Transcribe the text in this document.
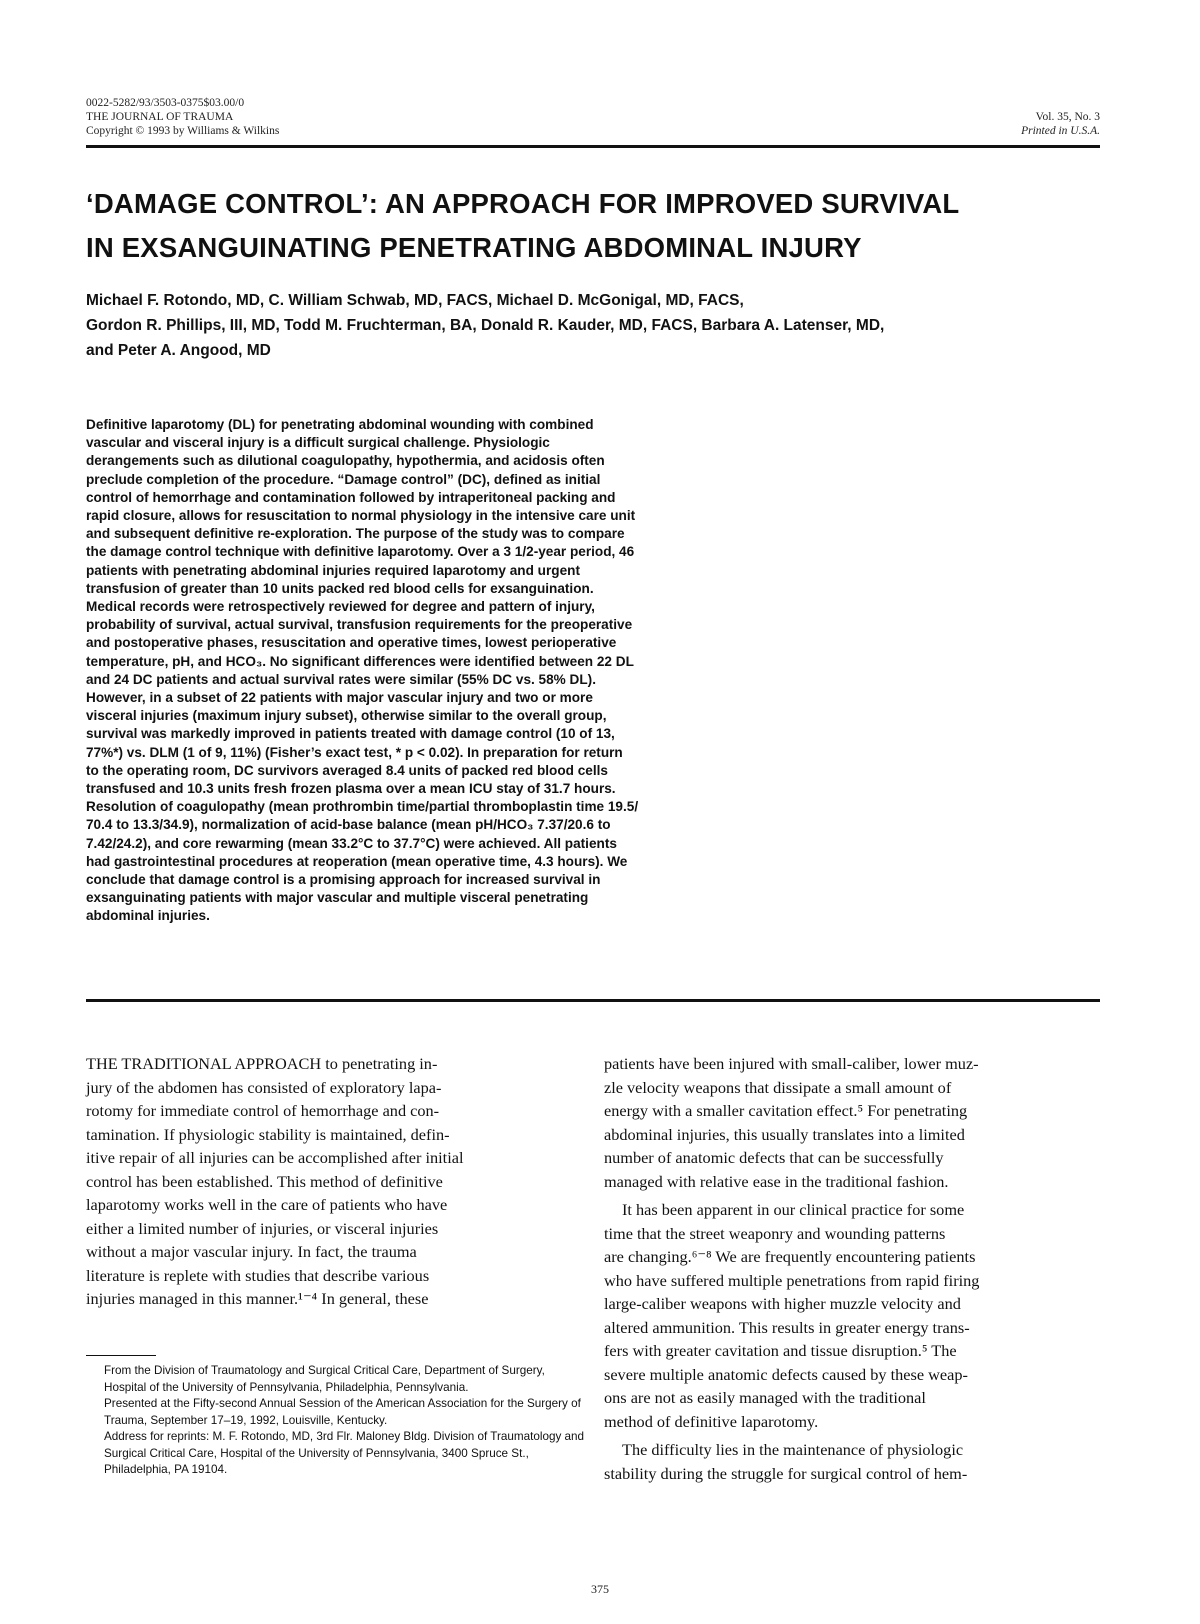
0022-5282/93/3503-0375$03.00/0
THE JOURNAL OF TRAUMA
Copyright © 1993 by Williams & Wilkins
Vol. 35, No. 3
Printed in U.S.A.
‘DAMAGE CONTROL’: AN APPROACH FOR IMPROVED SURVIVAL
IN EXSANGUINATING PENETRATING ABDOMINAL INJURY
Michael F. Rotondo, MD, C. William Schwab, MD, FACS, Michael D. McGonigal, MD, FACS,
Gordon R. Phillips, III, MD, Todd M. Fruchterman, BA, Donald R. Kauder, MD, FACS, Barbara A. Latenser, MD,
and Peter A. Angood, MD
Definitive laparotomy (DL) for penetrating abdominal wounding with combined
vascular and visceral injury is a difficult surgical challenge. Physiologic
derangements such as dilutional coagulopathy, hypothermia, and acidosis often
preclude completion of the procedure. “Damage control” (DC), defined as initial
control of hemorrhage and contamination followed by intraperitoneal packing and
rapid closure, allows for resuscitation to normal physiology in the intensive care unit
and subsequent definitive re-exploration. The purpose of the study was to compare
the damage control technique with definitive laparotomy. Over a 3 1/2-year period, 46
patients with penetrating abdominal injuries required laparotomy and urgent
transfusion of greater than 10 units packed red blood cells for exsanguination.
Medical records were retrospectively reviewed for degree and pattern of injury,
probability of survival, actual survival, transfusion requirements for the preoperative
and postoperative phases, resuscitation and operative times, lowest perioperative
temperature, pH, and HCO₃. No significant differences were identified between 22 DL
and 24 DC patients and actual survival rates were similar (55% DC vs. 58% DL).
However, in a subset of 22 patients with major vascular injury and two or more
visceral injuries (maximum injury subset), otherwise similar to the overall group,
survival was markedly improved in patients treated with damage control (10 of 13,
77%*) vs. DLM (1 of 9, 11%) (Fisher’s exact test, * p < 0.02). In preparation for return
to the operating room, DC survivors averaged 8.4 units of packed red blood cells
transfused and 10.3 units fresh frozen plasma over a mean ICU stay of 31.7 hours.
Resolution of coagulopathy (mean prothrombin time/partial thromboplastin time 19.5/
70.4 to 13.3/34.9), normalization of acid-base balance (mean pH/HCO₃ 7.37/20.6 to
7.42/24.2), and core rewarming (mean 33.2°C to 37.7°C) were achieved. All patients
had gastrointestinal procedures at reoperation (mean operative time, 4.3 hours). We
conclude that damage control is a promising approach for increased survival in
exsanguinating patients with major vascular and multiple visceral penetrating
abdominal injuries.

THE TRADITIONAL APPROACH to penetrating in-
jury of the abdomen has consisted of exploratory lapa-
rotomy for immediate control of hemorrhage and con-
tamination. If physiologic stability is maintained, defin-
itive repair of all injuries can be accomplished after initial
control has been established. This method of definitive
laparotomy works well in the care of patients who have
either a limited number of injuries, or visceral injuries
without a major vascular injury. In fact, the trauma
literature is replete with studies that describe various
injuries managed in this manner.¹⁻⁴ In general, these

From the Division of Traumatology and Surgical Critical Care, Department of Surgery, Hospital of the University of Pennsylvania, Philadelphia, Pennsylvania.

Presented at the Fifty-second Annual Session of the American Association for the Surgery of Trauma, September 17–19, 1992, Louisville, Kentucky.

Address for reprints: M. F. Rotondo, MD, 3rd Flr. Maloney Bldg. Division of Traumatology and Surgical Critical Care, Hospital of the University of Pennsylvania, 3400 Spruce St., Philadelphia, PA 19104.

patients have been injured with small-caliber, lower muz-
zle velocity weapons that dissipate a small amount of
energy with a smaller cavitation effect.⁵ For penetrating
abdominal injuries, this usually translates into a limited
number of anatomic defects that can be successfully
managed with relative ease in the traditional fashion.

It has been apparent in our clinical practice for some
time that the street weaponry and wounding patterns
are changing.⁶⁻⁸ We are frequently encountering patients
who have suffered multiple penetrations from rapid firing
large-caliber weapons with higher muzzle velocity and
altered ammunition. This results in greater energy trans-
fers with greater cavitation and tissue disruption.⁵ The
severe multiple anatomic defects caused by these weap-
ons are not as easily managed with the traditional
method of definitive laparotomy.

The difficulty lies in the maintenance of physiologic
stability during the struggle for surgical control of hem-

375
